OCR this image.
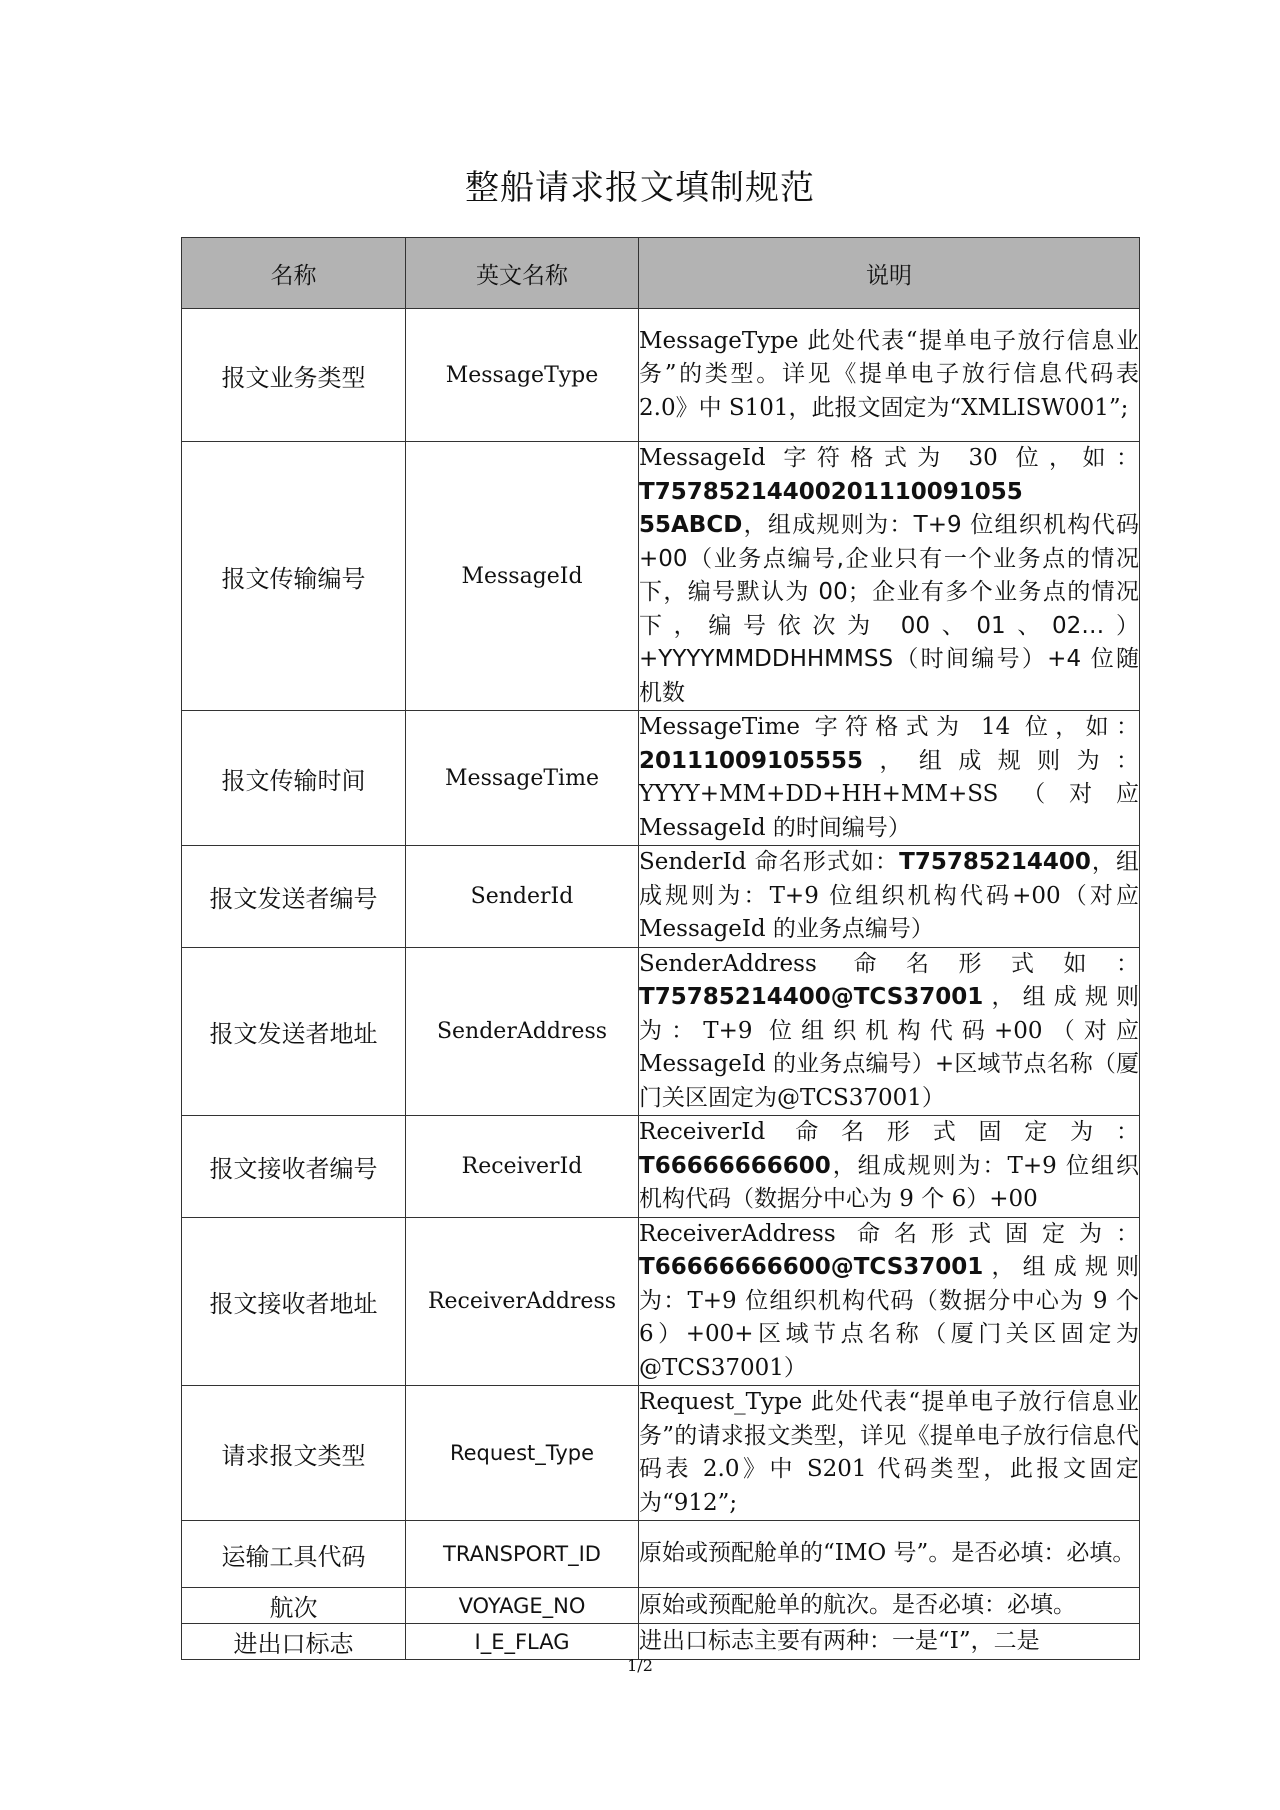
整船请求报文填制规范
名称	英文名称	说明
报文业务类型	MessageType	MessageType 此处代表“提单电子放行信息业务”的类型。详见《提单电子放行信息代码表 2.0》中 S101，此报文固定为“XMLISW001”;
报文传输编号	MessageId	MessageId 字符格式为 30 位，如：T75785214400201110091055 55ABCD，组成规则为：T+9 位组织机构代码+00（业务点编号,企业只有一个业务点的情况下，编号默认为 00；企业有多个业务点的情况下，编号依次为 00、01、02…）+YYYYMMDDHHMMSS（时间编号）+4 位随机数
报文传输时间	MessageTime	MessageTime 字符格式为 14 位，如：20111009105555，组成规则为：YYYY+MM+DD+HH+MM+SS（对应MessageId 的时间编号）
报文发送者编号	SenderId	SenderId 命名形式如：T75785214400，组成规则为：T+9 位组织机构代码+00（对应 MessageId 的业务点编号）
报文发送者地址	SenderAddress	SenderAddress 命名形式如：T75785214400@TCS37001，组成规则为：T+9 位组织机构代码+00（对应MessageId 的业务点编号）+区域节点名称（厦门关区固定为@TCS37001）
报文接收者编号	ReceiverId	ReceiverId 命名形式固定为：T66666666600，组成规则为：T+9 位组织机构代码（数据分中心为 9 个 6）+00
报文接收者地址	ReceiverAddress	ReceiverAddress 命名形式固定为：T66666666600@TCS37001，组成规则为：T+9 位组织机构代码（数据分中心为 9 个 6）+00+区域节点名称（厦门关区固定为@TCS37001）
请求报文类型	Request_Type	Request_Type 此处代表“提单电子放行信息业务”的请求报文类型，详见《提单电子放行信息代码表 2.0》中 S201 代码类型，此报文固定为“912”;
运输工具代码	TRANSPORT_ID	原始或预配舱单的“IMO 号”。是否必填：必填。
航次	VOYAGE_NO	原始或预配舱单的航次。是否必填：必填。
进出口标志	I_E_FLAG	进出口标志主要有两种：一是“I”，二是
1/2
